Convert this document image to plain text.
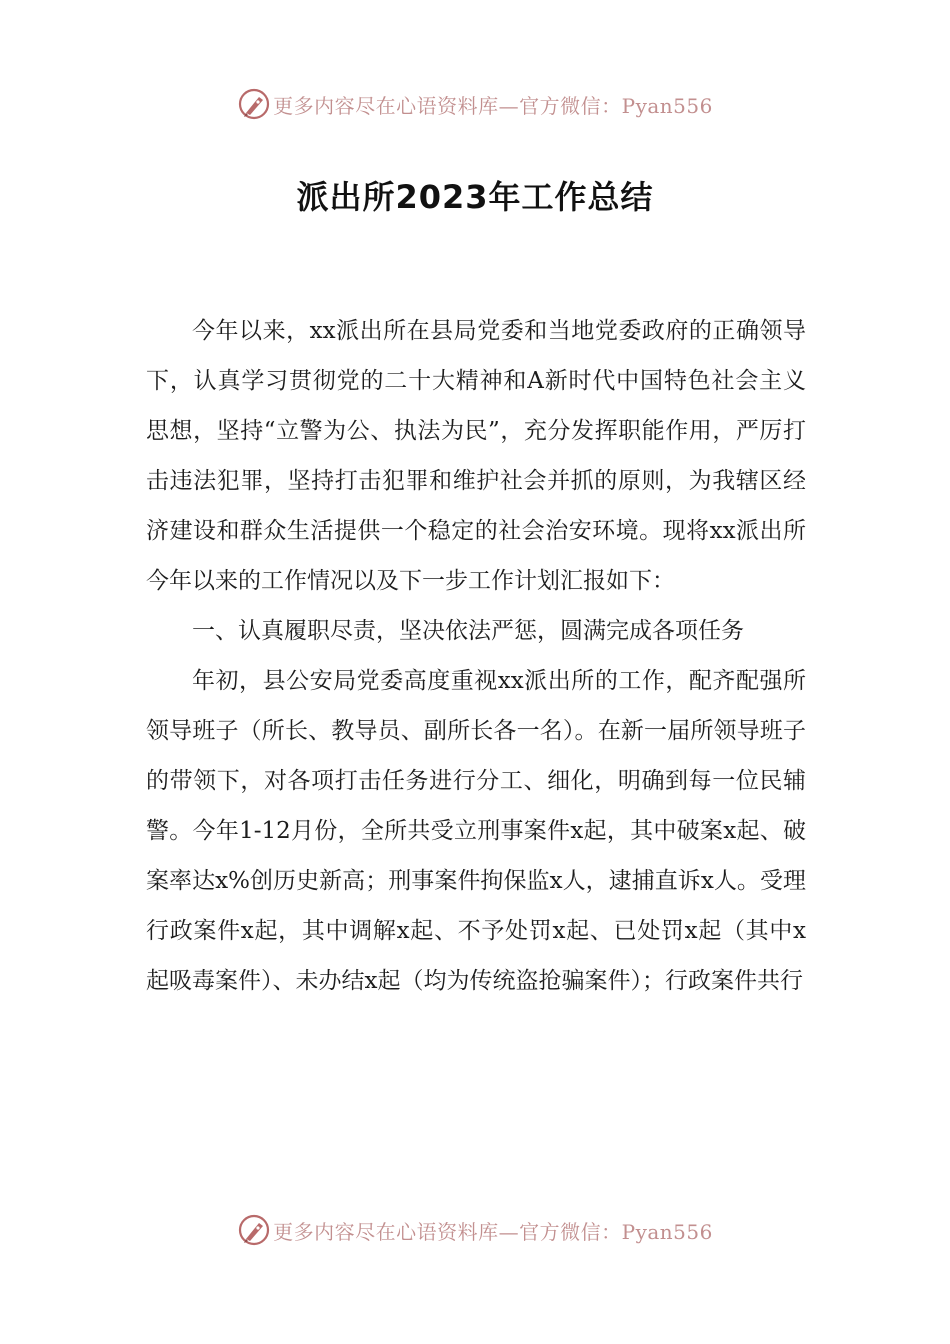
更多内容尽在心语资料库—官方微信：Pyan556
派出所2023年工作总结

今年以来，xx派出所在县局党委和当地党委政府的正确领导下，认真学习贯彻党的二十大精神和A新时代中国特色社会主义思想，坚持“立警为公、执法为民”，充分发挥职能作用，严厉打击违法犯罪，坚持打击犯罪和维护社会并抓的原则，为我辖区经济建设和群众生活提供一个稳定的社会治安环境。现将xx派出所今年以来的工作情况以及下一步工作计划汇报如下：

一、认真履职尽责，坚决依法严惩，圆满完成各项任务

年初，县公安局党委高度重视xx派出所的工作，配齐配强所领导班子（所长、教导员、副所长各一名）。在新一届所领导班子的带领下，对各项打击任务进行分工、细化，明确到每一位民辅警。今年1-12月份，全所共受立刑事案件x起，其中破案x起、破案率达x%创历史新高；刑事案件拘保监x人，逮捕直诉x人。受理行政案件x起，其中调解x起、不予处罚x起、已处罚x起（其中x起吸毒案件）、未办结x起（均为传统盗抢骗案件）；行政案件共行

更多内容尽在心语资料库—官方微信：Pyan556
